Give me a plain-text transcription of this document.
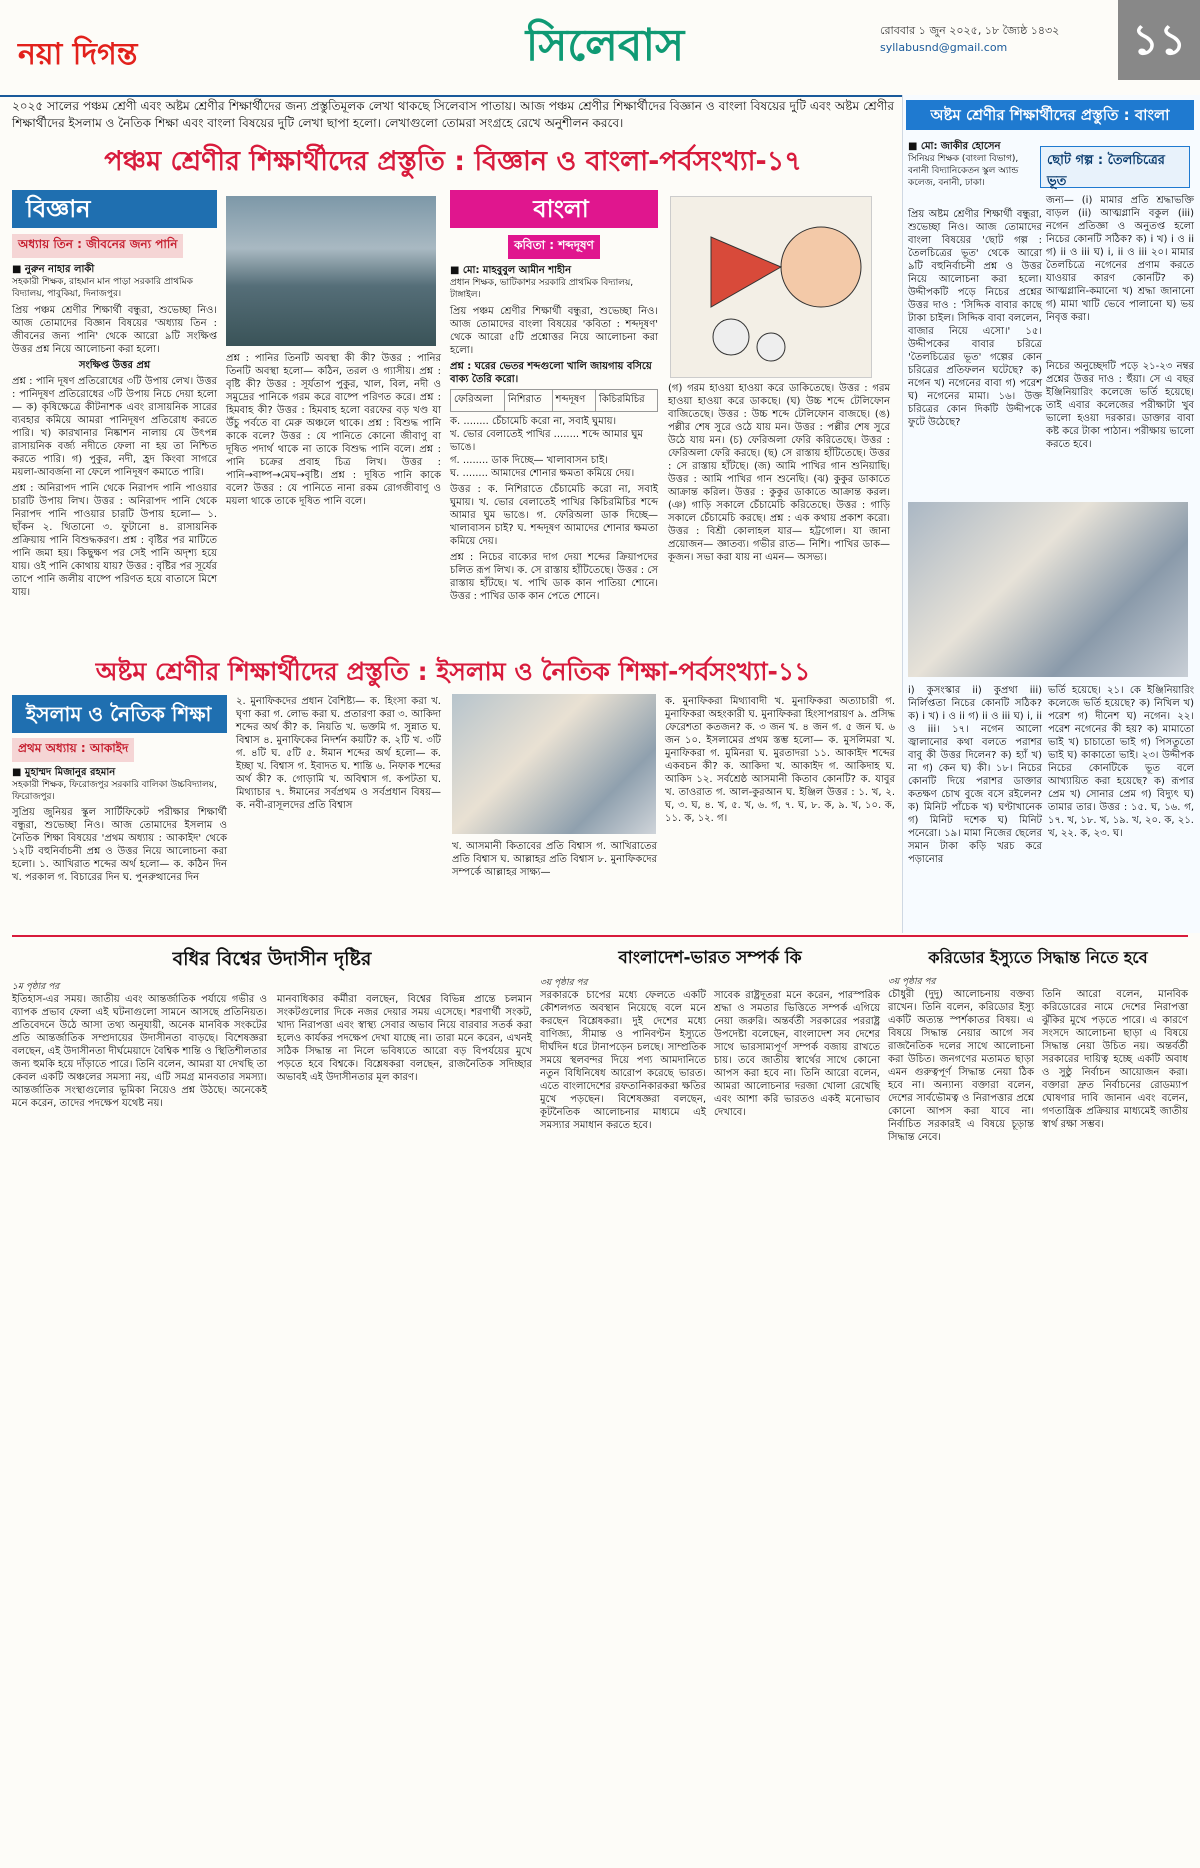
নয়া দিগন্ত	সিলেবাস	রোববার ১ জুন ২০২৫, ১৮ জ্যৈষ্ঠ ১৪৩২
syllabusnd@gmail.com	১১
২০২৫ সালের পঞ্চম শ্রেণী এবং অষ্টম শ্রেণীর শিক্ষার্থীদের জন্য প্রস্তুতিমূলক লেখা থাকছে সিলেবাস পাতায়। আজ পঞ্চম শ্রেণীর শিক্ষার্থীদের বিজ্ঞান ও বাংলা বিষয়ের দুটি এবং অষ্টম শ্রেণীর শিক্ষার্থীদের ইসলাম ও নৈতিক শিক্ষা এবং বাংলা বিষয়ের দুটি লেখা ছাপা হলো। লেখাগুলো তোমরা সংগ্রহে রেখে অনুশীলন করবে।
পঞ্চম শ্রেণীর শিক্ষার্থীদের প্রস্তুতি : বিজ্ঞান ও বাংলা-পর্বসংখ্যা-১৭
বিজ্ঞান
অধ্যায় তিন : জীবনের জন্য পানি
■ নুরুন নাহার লাকী
সহকারী শিক্ষক, রাহমান মান পাড়া সরকারি প্রাথমিক বিদ্যালয়, পাবুকিয়া, দিনাজপুর।
প্রিয় পঞ্চম শ্রেণীর শিক্ষার্থী বন্ধুরা, শুভেচ্ছা নিও। আজ তোমাদের বিজ্ঞান বিষয়ের 'অধ্যায় তিন : জীবনের জন্য পানি' থেকে আরো ৯টি সংক্ষিপ্ত উত্তর প্রশ্ন নিয়ে আলোচনা করা হলো।
সংক্ষিপ্ত উত্তর প্রশ্ন
প্রশ্ন : পানি দূষণ প্রতিরোধের ৩টি উপায় লেখ। উত্তর : পানিদূষণ প্রতিরোধের ৩টি উপায় নিচে দেয়া হলো— ক) কৃষিক্ষেত্রে কীটনাশক এবং রাসায়নিক সারের ব্যবহার কমিয়ে আমরা পানিদূষণ প্রতিরোধ করতে পারি। খ) কারখানার নিষ্কাশন নালায় যে উৎপন্ন রাসায়নিক বর্জ্য নদীতে ফেলা না হয় তা নিশ্চিত করতে পারি। গ) পুকুর, নদী, হ্রদ কিংবা সাগরে ময়লা-আবর্জনা না ফেলে পানিদূষণ কমাতে পারি।
প্রশ্ন : অনিরাপদ পানি থেকে নিরাপদ পানি পাওয়ার চারটি উপায় লিখ। উত্তর : অনিরাপদ পানি থেকে নিরাপদ পানি পাওয়ার চারটি উপায় হলো— ১. ছাঁকন ২. থিতানো ৩. ফুটানো ৪. রাসায়নিক প্রক্রিয়ায় পানি বিশুদ্ধকরণ। প্রশ্ন : বৃষ্টির পর মাটিতে পানি জমা হয়। কিছুক্ষণ পর সেই পানি অদৃশ্য হয়ে যায়। ওই পানি কোথায় যায়? উত্তর : বৃষ্টির পর সূর্যের তাপে পানি জলীয় বাষ্পে পরিণত হয়ে বাতাসে মিশে যায়।
প্রশ্ন : পানির তিনটি অবস্থা কী কী? উত্তর : পানির তিনটি অবস্থা হলো— কঠিন, তরল ও গ্যাসীয়। প্রশ্ন : বৃষ্টি কী? উত্তর : সূর্যতাপ পুকুর, খাল, বিল, নদী ও সমুদ্রের পানিকে গরম করে বাষ্পে পরিণত করে। প্রশ্ন : হিমবাহ কী? উত্তর : হিমবাহ হলো বরফের বড় খণ্ড যা উঁচু পর্বতে বা মেরু অঞ্চলে থাকে। প্রশ্ন : বিশুদ্ধ পানি কাকে বলে? উত্তর : যে পানিতে কোনো জীবাণু বা দূষিত পদার্থ থাকে না তাকে বিশুদ্ধ পানি বলে। প্রশ্ন : পানি চক্রের প্রবাহ চিত্র লিখ। উত্তর : পানি→বাষ্প→মেঘ→বৃষ্টি। প্রশ্ন : দূষিত পানি কাকে বলে? উত্তর : যে পানিতে নানা রকম রোগজীবাণু ও ময়লা থাকে তাকে দূষিত পানি বলে।
বাংলা
কবিতা : শব্দদূষণ
■ মো: মাহবুবুল আমীন শাহীন
প্রধান শিক্ষক, ভাটিকাশর সরকারি প্রাথমিক বিদ্যালয়, টাঙ্গাইল।
প্রিয় পঞ্চম শ্রেণীর শিক্ষার্থী বন্ধুরা, শুভেচ্ছা নিও। আজ তোমাদের বাংলা বিষয়ের 'কবিতা : শব্দদূষণ' থেকে আরো ৫টি প্রশ্নোত্তর নিয়ে আলোচনা করা হলো।
প্রশ্ন : ঘরের ভেতর শব্দগুলো খালি জায়গায় বসিয়ে বাক্য তৈরি করো।
ফেরিঅলা	নিশিরাত	শব্দদূষণ	কিচিরমিচির
ক. ........ চেঁচামেচি করো না, সবাই ঘুমায়।
খ. ভোর বেলাতেই পাখির ........ শব্দে আমার ঘুম ভাঙে।
গ. ........ ডাক দিচ্ছে— খালাবাসন চাই।
ঘ. ........ আমাদের শোনার ক্ষমতা কমিয়ে দেয়।
উত্তর : ক. নিশিরাতে চেঁচামেচি করো না, সবাই ঘুমায়। খ. ভোর বেলাতেই পাখির কিচিরমিচির শব্দে আমার ঘুম ভাঙে। গ. ফেরিঅলা ডাক দিচ্ছে— খালাবাসন চাই? ঘ. শব্দদূষণ আমাদের শোনার ক্ষমতা কমিয়ে দেয়।
প্রশ্ন : নিচের বাক্যের দাগ দেয়া শব্দের ক্রিয়াপদের চলিত রূপ লিখ। ক. সে রাস্তায় হাঁটিতেছে। উত্তর : সে রাস্তায় হাঁটছে। খ. পাখি ডাক কান পাতিয়া শোনে। উত্তর : পাখির ডাক কান পেতে শোনে।
(গ) গরম হাওয়া হাওয়া করে ডাকিতেছে। উত্তর : গরম হাওয়া হাওয়া করে ডাকছে। (ঘ) উচ্চ শব্দে টেলিফোন বাজিতেছে। উত্তর : উচ্চ শব্দে টেলিফোন বাজছে। (ঙ) পল্লীর শেষ সুরে ওঠে যায় মন। উত্তর : পল্লীর শেষ সুরে উঠে যায় মন। (চ) ফেরিঅলা ফেরি করিতেছে। উত্তর : ফেরিঅলা ফেরি করছে। (ছ) সে রাস্তায় হাঁটিতেছে। উত্তর : সে রাস্তায় হাঁটছে। (জ) আমি পাখির গান শুনিয়াছি। উত্তর : আমি পাখির গান শুনেছি। (ঝ) কুকুর ডাকাতে আক্রান্ত করিল। উত্তর : কুকুর ডাকাতে আক্রান্ত করল। (ঞ) গাড়ি সকালে চেঁচামেচি করিতেছে। উত্তর : গাড়ি সকালে চেঁচামেচি করছে। প্রশ্ন : এক কথায় প্রকাশ করো। উত্তর : বিশ্রী কোলাহল যার— হট্টগোল। যা জানা প্রয়োজন— জ্ঞাতব্য। গভীর রাত— নিশি। পাখির ডাক— কূজন। সভা করা যায় না এমন— অসভ্য।
অষ্টম শ্রেণীর শিক্ষার্থীদের প্রস্তুতি : বাংলা
■ মো: জাকীর হোসেন
সিনিয়র শিক্ষক (বাংলা বিভাগ), বনানী বিদ্যানিকেতন স্কুল অ্যান্ড কলেজ, বনানী, ঢাকা।
ছোট গল্প : তৈলচিত্রের ভূত
প্রিয় অষ্টম শ্রেণীর শিক্ষার্থী বন্ধুরা, শুভেচ্ছা নিও। আজ তোমাদের বাংলা বিষয়ের 'ছোট গল্প : তৈলচিত্রের ভূত' থেকে আরো ৯টি বহুনির্বাচনী প্রশ্ন ও উত্তর নিয়ে আলোচনা করা হলো। উদ্দীপকটি পড়ে নিচের প্রশ্নের উত্তর দাও : 'সিদ্দিক বাবার কাছে টাকা চাইল। সিদ্দিক বাবা বললেন, বাজার নিয়ে এসো।' ১৫। উদ্দীপকের বাবার চরিত্রে 'তৈলচিত্রের ভূত' গল্পের কোন চরিত্রের প্রতিফলন ঘটেছে? ক) নগেন খ) নগেনের বাবা গ) পরেশ ঘ) নগেনের মামা। ১৬। উক্ত চরিত্রের কোন দিকটি উদ্দীপকে ফুটে উঠেছে?
জন্য— (i) মামার প্রতি শ্রদ্ধাভক্তি বাড়ল (ii) আত্মগ্লানি বকুল (iii) নগেন প্রতিজ্ঞা ও অনুতপ্ত হলো নিচের কোনটি সঠিক? ক) i খ) i ও ii গ) ii ও iii ঘ) i, ii ও iii ২০। মামার তৈলচিত্রে নগেনের প্রণাম করতে যাওয়ার কারণ কোনটি? ক) আত্মগ্লানি-কমানো খ) শ্রদ্ধা জানানো গ) মামা খাটি ভেবে পালানো ঘ) ভয় নিবৃত্ত করা।
নিচের অনুচ্ছেদটি পড়ে ২১-২৩ নম্বর প্রশ্নের উত্তর দাও : হুঁয়া। সে এ বছর ইঞ্জিনিয়ারিং কলেজে ভর্তি হয়েছে। তাই এবার কলেজের পরীক্ষাটা খুব ভালো হওয়া দরকার। ডাক্তার বাবা কষ্ট করে টাকা পাঠান। পরীক্ষায় ভালো করতে হবে।
i) কুসংস্কার ii) কুপ্রথা iii) নির্লিপ্ততা নিচের কোনটি সঠিক? ক) i খ) i ও ii গ) ii ও iii ঘ) i, ii ও iii। ১৭। নগেন আলো জ্বালানোর কথা বলতে পরাশর বাবু কী উত্তর দিলেন? ক) হ্যাঁ খ) না গ) কেন ঘ) কী। ১৮। নিচের কোনটি দিয়ে পরাশর ডাক্তার কতক্ষণ চোখ বুজে বসে রইলেন? ক) মিনিট পাঁচেক খ) ঘণ্টাখানেক গ) মিনিট দশেক ঘ) মিনিট পনেরো। ১৯। মামা নিজের ছেলের সমান টাকা কড়ি খরচ করে পড়ানোর
ভর্তি হয়েছে। ২১। কে ইঞ্জিনিয়ারিং কলেজে ভর্তি হয়েছে? ক) নিখিল খ) পরেশ গ) দীনেশ ঘ) নগেন। ২২। পরেশ নগেনের কী হয়? ক) মামাতো ভাই খ) চাচাতো ভাই গ) পিসতুতো ভাই ঘ) কাকাতো ভাই। ২৩। উদ্দীপক নিচের কোনটিকে ভূত বলে আখ্যায়িত করা হয়েছে? ক) রূপার প্রেম খ) সোনার প্রেম গ) বিদ্যুৎ ঘ) তামার তার। উত্তর : ১৫. ঘ, ১৬. গ, ১৭. খ, ১৮. খ, ১৯. খ, ২০. ক, ২১. খ, ২২. ক, ২৩. ঘ।
অষ্টম শ্রেণীর শিক্ষার্থীদের প্রস্তুতি : ইসলাম ও নৈতিক শিক্ষা-পর্বসংখ্যা-১১
ইসলাম ও নৈতিক শিক্ষা
প্রথম অধ্যায় : আকাইদ
■ মুহাম্মদ মিজানুর রহমান
সহকারী শিক্ষক, ফিরোজপুর সরকারি বালিকা উচ্চবিদ্যালয়, ফিরোজপুর।
সুপ্রিয় জুনিয়র স্কুল সার্টিফিকেট পরীক্ষার শিক্ষার্থী বন্ধুরা, শুভেচ্ছা নিও। আজ তোমাদের ইসলাম ও নৈতিক শিক্ষা বিষয়ের 'প্রথম অধ্যায় : আকাইদ' থেকে ১২টি বহুনির্বাচনী প্রশ্ন ও উত্তর নিয়ে আলোচনা করা হলো। ১. আখিরাত শব্দের অর্থ হলো— ক. কঠিন দিন খ. পরকাল গ. বিচারের দিন ঘ. পুনরুত্থানের দিন
২. মুনাফিকদের প্রধান বৈশিষ্ট্য— ক. হিংসা করা খ. ঘৃণা করা গ. লোভ করা ঘ. প্রতারণা করা ৩. আকিদা শব্দের অর্থ কী? ক. নিয়তি খ. ভক্তমি গ. সুন্নাত ঘ. বিশ্বাস ৪. মুনাফিকের নিদর্শন কয়টি? ক. ২টি খ. ৩টি গ. ৪টি ঘ. ৫টি ৫. ঈমান শব্দের অর্থ হলো— ক. ইচ্ছা খ. বিশ্বাস গ. ইবাদত ঘ. শান্তি ৬. নিফাক শব্দের অর্থ কী? ক. গোড়ামি খ. অবিশ্বাস গ. কপটতা ঘ. মিথ্যাচার ৭. ঈমানের সর্বপ্রথম ও সর্বপ্রধান বিষয়— ক. নবী-রাসূলদের প্রতি বিশ্বাস
খ. আসমানী কিতাবের প্রতি বিশ্বাস গ. আখিরাতের প্রতি বিশ্বাস ঘ. আল্লাহর প্রতি বিশ্বাস ৮. মুনাফিকদের সম্পর্কে আল্লাহর সাক্ষ্য—
ক. মুনাফিকরা মিথ্যাবাদী খ. মুনাফিকরা অত্যাচারী গ. মুনাফিকরা অহংকারী ঘ. মুনাফিকরা হিংসাপরায়ণ ৯. প্রসিদ্ধ ফেরেশতা কতজন? ক. ৩ জন খ. ৪ জন গ. ৫ জন ঘ. ৬ জন ১০. ইসলামের প্রথম স্তম্ভ হলো— ক. মুসলিমরা খ. মুনাফিকরা গ. মুমিনরা ঘ. মুরতাদরা ১১. আকাইদ শব্দের একবচন কী? ক. আকিদা খ. আকাইদ গ. আকিদাহ ঘ. আকিদ ১২. সর্বশ্রেষ্ঠ আসমানী কিতাব কোনটি? ক. যাবুর খ. তাওরাত গ. আল-কুরআন ঘ. ইঞ্জিল উত্তর : ১. খ, ২. ঘ, ৩. ঘ, ৪. খ, ৫. খ, ৬. গ, ৭. ঘ, ৮. ক, ৯. খ, ১০. ক, ১১. ক, ১২. গ।
বধির বিশ্বের উদাসীন দৃষ্টির
১ম পৃষ্ঠার পর
ইতিহাস-এর সময়। জাতীয় এবং আন্তর্জাতিক পর্যায়ে গভীর ও ব্যাপক প্রভাব ফেলা এই ঘটনাগুলো সামনে আসছে প্রতিনিয়ত। প্রতিবেদনে উঠে আসা তথ্য অনুযায়ী, অনেক মানবিক সংকটের প্রতি আন্তর্জাতিক সম্প্রদায়ের উদাসীনতা বাড়ছে। বিশেষজ্ঞরা বলছেন, এই উদাসীনতা দীর্ঘমেয়াদে বৈশ্বিক শান্তি ও স্থিতিশীলতার জন্য হুমকি হয়ে দাঁড়াতে পারে। তিনি বলেন, আমরা যা দেখছি তা কেবল একটি অঞ্চলের সমস্যা নয়, এটি সমগ্র মানবতার সমস্যা। আন্তর্জাতিক সংস্থাগুলোর ভূমিকা নিয়েও প্রশ্ন উঠছে। অনেকেই মনে করেন, তাদের পদক্ষেপ যথেষ্ট নয়।
মানবাধিকার কর্মীরা বলছেন, বিশ্বের বিভিন্ন প্রান্তে চলমান সংকটগুলোর দিকে নজর দেয়ার সময় এসেছে। শরণার্থী সংকট, খাদ্য নিরাপত্তা এবং স্বাস্থ্য সেবার অভাব নিয়ে বারবার সতর্ক করা হলেও কার্যকর পদক্ষেপ দেখা যাচ্ছে না। তারা মনে করেন, এখনই সঠিক সিদ্ধান্ত না নিলে ভবিষ্যতে আরো বড় বিপর্যয়ের মুখে পড়তে হবে বিশ্বকে। বিশ্লেষকরা বলছেন, রাজনৈতিক সদিচ্ছার অভাবই এই উদাসীনতার মূল কারণ।
বাংলাদেশ-ভারত সম্পর্ক কি
৩য় পৃষ্ঠার পর
সরকারকে চাপের মধ্যে ফেলতে একটি কৌশলগত অবস্থান নিয়েছে বলে মনে করছেন বিশ্লেষকরা। দুই দেশের মধ্যে বাণিজ্য, সীমান্ত ও পানিবণ্টন ইস্যুতে দীর্ঘদিন ধরে টানাপড়েন চলছে। সাম্প্রতিক সময়ে স্থলবন্দর দিয়ে পণ্য আমদানিতে নতুন বিধিনিষেধ আরোপ করেছে ভারত। এতে বাংলাদেশের রফতানিকারকরা ক্ষতির মুখে পড়ছেন। বিশেষজ্ঞরা বলছেন, কূটনৈতিক আলোচনার মাধ্যমে এই সমস্যার সমাধান করতে হবে।
সাবেক রাষ্ট্রদূতরা মনে করেন, পারস্পরিক শ্রদ্ধা ও সমতার ভিত্তিতে সম্পর্ক এগিয়ে নেয়া জরুরি। অন্তর্বর্তী সরকারের পররাষ্ট্র উপদেষ্টা বলেছেন, বাংলাদেশ সব দেশের সাথে ভারসাম্যপূর্ণ সম্পর্ক বজায় রাখতে চায়। তবে জাতীয় স্বার্থের সাথে কোনো আপস করা হবে না। তিনি আরো বলেন, আমরা আলোচনার দরজা খোলা রেখেছি এবং আশা করি ভারতও একই মনোভাব দেখাবে।
করিডোর ইস্যুতে সিদ্ধান্ত নিতে হবে
৩য় পৃষ্ঠার পর
চৌধুরী (দুদু) আলোচনায় বক্তব্য রাখেন। তিনি বলেন, করিডোর ইস্যু একটি অত্যন্ত স্পর্শকাতর বিষয়। এ বিষয়ে সিদ্ধান্ত নেয়ার আগে সব রাজনৈতিক দলের সাথে আলোচনা করা উচিত। জনগণের মতামত ছাড়া এমন গুরুত্বপূর্ণ সিদ্ধান্ত নেয়া ঠিক হবে না। অন্যান্য বক্তারা বলেন, দেশের সার্বভৌমত্ব ও নিরাপত্তার প্রশ্নে কোনো আপস করা যাবে না। নির্বাচিত সরকারই এ বিষয়ে চূড়ান্ত সিদ্ধান্ত নেবে।
তিনি আরো বলেন, মানবিক করিডোরের নামে দেশের নিরাপত্তা ঝুঁকির মুখে পড়তে পারে। এ কারণে সংসদে আলোচনা ছাড়া এ বিষয়ে সিদ্ধান্ত নেয়া উচিত নয়। অন্তর্বর্তী সরকারের দায়িত্ব হচ্ছে একটি অবাধ ও সুষ্ঠু নির্বাচন আয়োজন করা। বক্তারা দ্রুত নির্বাচনের রোডম্যাপ ঘোষণার দাবি জানান এবং বলেন, গণতান্ত্রিক প্রক্রিয়ার মাধ্যমেই জাতীয় স্বার্থ রক্ষা সম্ভব।
